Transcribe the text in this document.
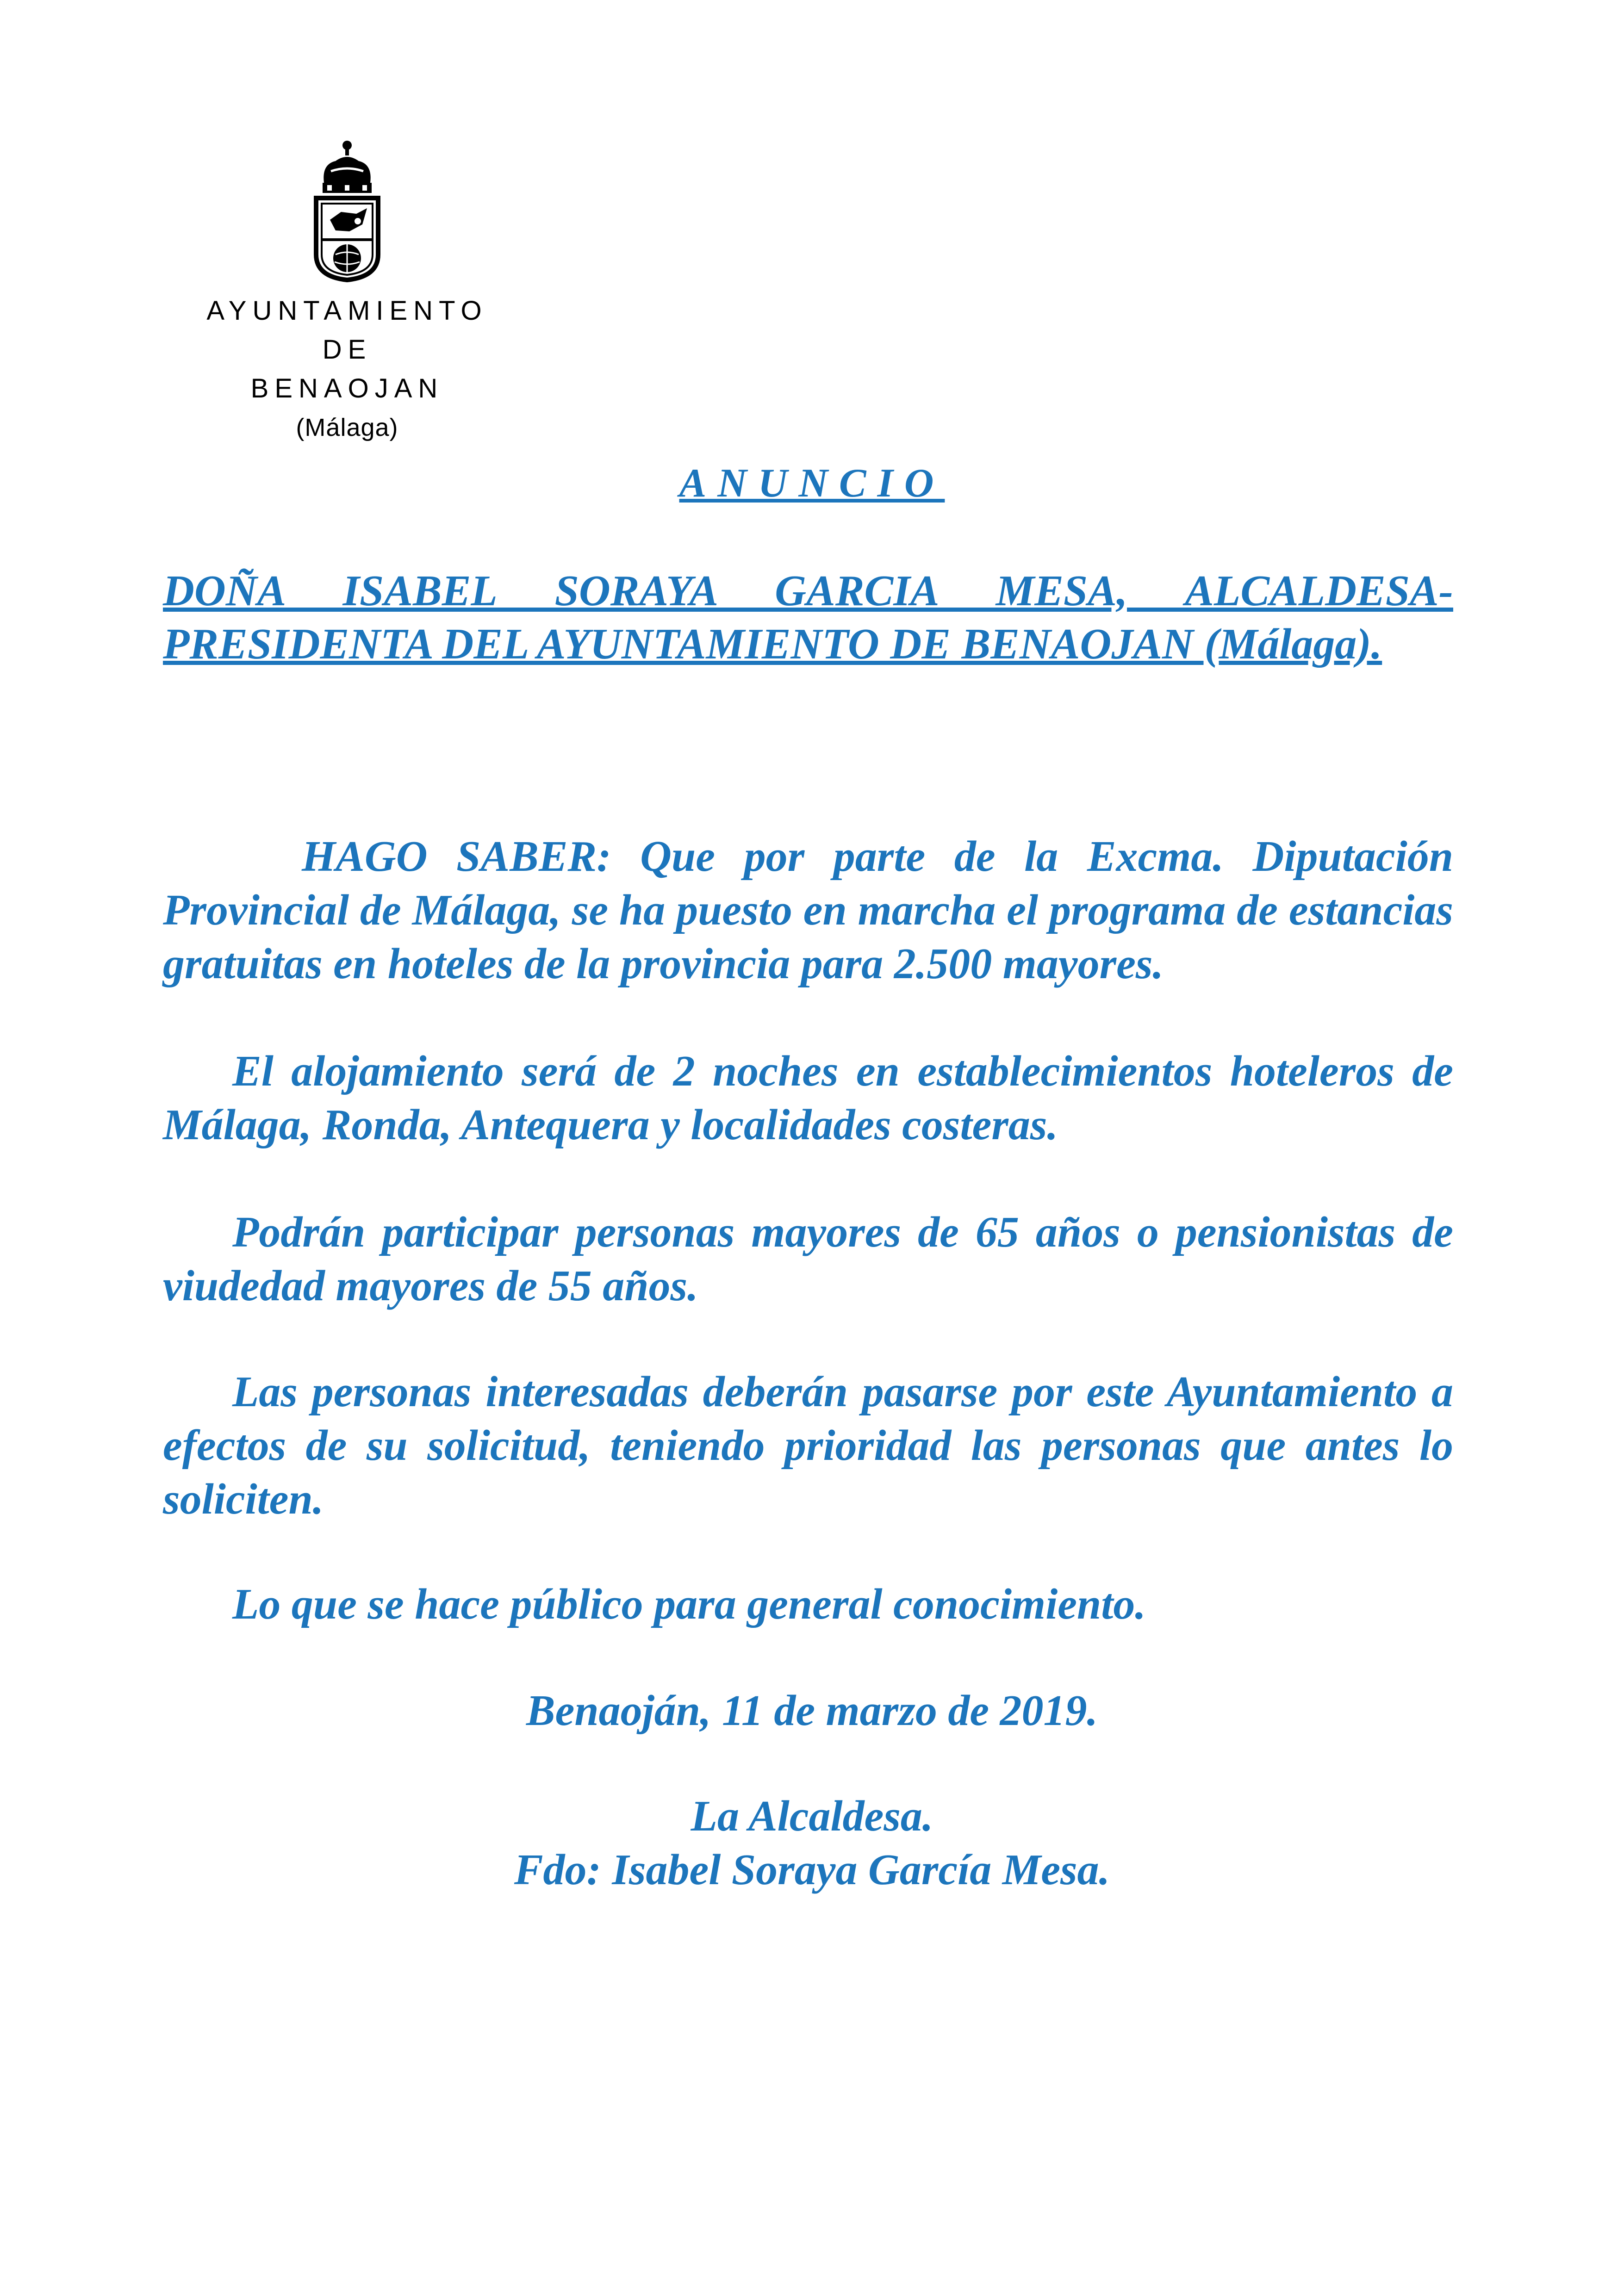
AYUNTAMIENTO
DE
BENAOJAN
(Málaga)
ANUNCIO
DOÑA ISABEL SORAYA GARCIA MESA, ALCALDESA-PRESIDENTA DEL AYUNTAMIENTO DE BENAOJAN (Málaga).
HAGO SABER: Que por parte de la Excma. Diputación Provincial de Málaga, se ha puesto en marcha el programa de estancias gratuitas en hoteles de la provincia para 2.500 mayores.
El alojamiento será de 2 noches en establecimientos hoteleros de Málaga, Ronda, Antequera y localidades costeras.
Podrán participar personas mayores de 65 años o pensionistas de viudedad mayores de 55 años.
Las personas interesadas deberán pasarse por este Ayuntamiento a efectos de su solicitud, teniendo prioridad las personas que antes lo soliciten.
Lo que se hace público para general conocimiento.
Benaoján, 11 de marzo de 2019.
La Alcaldesa.
Fdo: Isabel Soraya García Mesa.
